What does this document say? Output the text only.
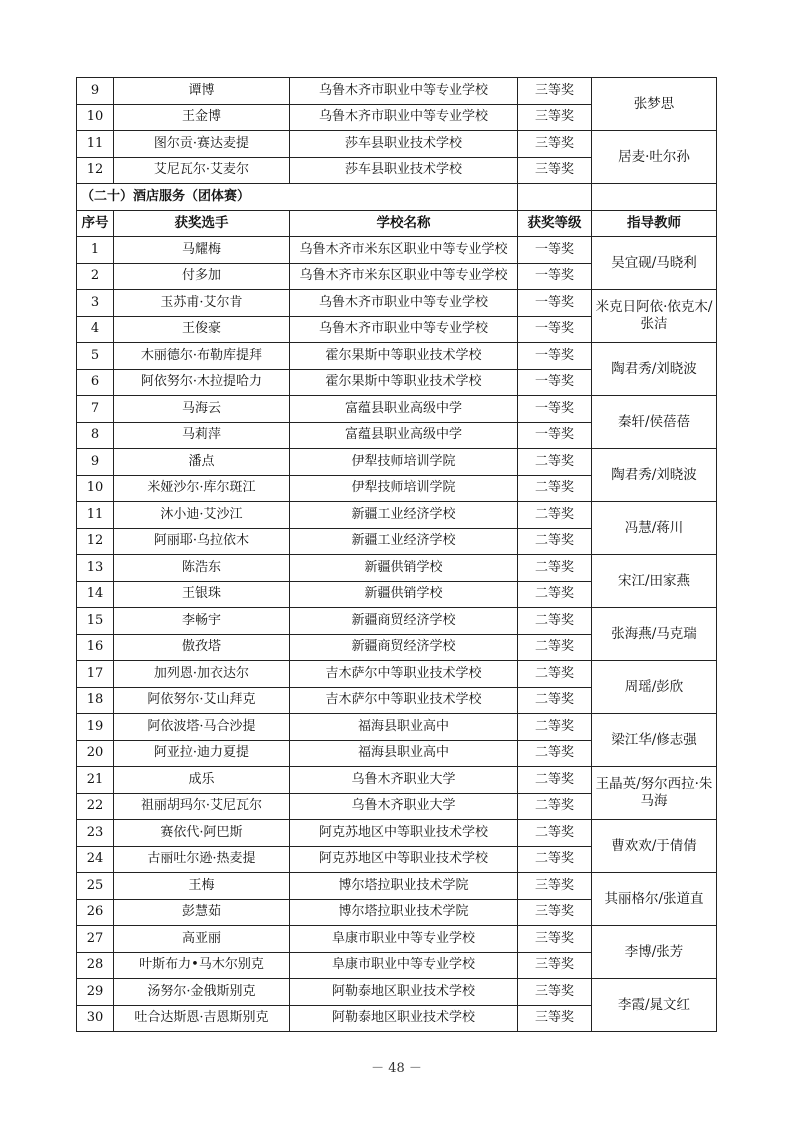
9	谭博	乌鲁木齐市职业中等专业学校	三等奖	张梦思
10	王金博	乌鲁木齐市职业中等专业学校	三等奖	
11	图尔贡·赛达麦提	莎车县职业技术学校	三等奖	居麦·吐尔孙
12	艾尼瓦尔·艾麦尔	莎车县职业技术学校	三等奖	
（二十）酒店服务（团体赛）				
序号	获奖选手	学校名称	获奖等级	指导教师
1	马耀梅	乌鲁木齐市米东区职业中等专业学校	一等奖	吴宜砚/马晓利
2	付多加	乌鲁木齐市米东区职业中等专业学校	一等奖	
3	玉苏甫·艾尔肯	乌鲁木齐市职业中等专业学校	一等奖	米克日阿依·依克木/张洁
4	王俊豪	乌鲁木齐市职业中等专业学校	一等奖	
5	木丽德尔·布勒库提拜	霍尔果斯中等职业技术学校	一等奖	陶君秀/刘晓波
6	阿依努尔·木拉提哈力	霍尔果斯中等职业技术学校	一等奖	
7	马海云	富蕴县职业高级中学	一等奖	秦轩/侯蓓蓓
8	马莉萍	富蕴县职业高级中学	一等奖	
9	潘点	伊犁技师培训学院	二等奖	陶君秀/刘晓波
10	米娅沙尔·库尔斑江	伊犁技师培训学院	二等奖	
11	沐小迪·艾沙江	新疆工业经济学校	二等奖	冯慧/蒋川
12	阿丽耶·乌拉依木	新疆工业经济学校	二等奖	
13	陈浩东	新疆供销学校	二等奖	宋江/田家燕
14	王银珠	新疆供销学校	二等奖	
15	李畅宇	新疆商贸经济学校	二等奖	张海燕/马克瑞
16	傲孜塔	新疆商贸经济学校	二等奖	
17	加列恩·加衣达尔	吉木萨尔中等职业技术学校	二等奖	周瑶/彭欣
18	阿依努尔·艾山拜克	吉木萨尔中等职业技术学校	二等奖	
19	阿依波塔·马合沙提	福海县职业高中	二等奖	梁江华/修志强
20	阿亚拉·迪力夏提	福海县职业高中	二等奖	
21	成乐	乌鲁木齐职业大学	二等奖	王晶英/努尔西拉·朱马海
22	祖丽胡玛尔·艾尼瓦尔	乌鲁木齐职业大学	二等奖	
23	赛依代·阿巴斯	阿克苏地区中等职业技术学校	二等奖	曹欢欢/于倩倩
24	古丽吐尔逊·热麦提	阿克苏地区中等职业技术学校	二等奖	
25	王梅	博尔塔拉职业技术学院	三等奖	其丽格尔/张道直
26	彭慧茹	博尔塔拉职业技术学院	三等奖	
27	高亚丽	阜康市职业中等专业学校	三等奖	李博/张芳
28	叶斯布力•马木尔别克	阜康市职业中等专业学校	三等奖	
29	汤努尔·金俄斯别克	阿勒泰地区职业技术学校	三等奖	李霞/晁文红
30	吐合达斯恩·吉恩斯别克	阿勒泰地区职业技术学校	三等奖	
－ 48 －
